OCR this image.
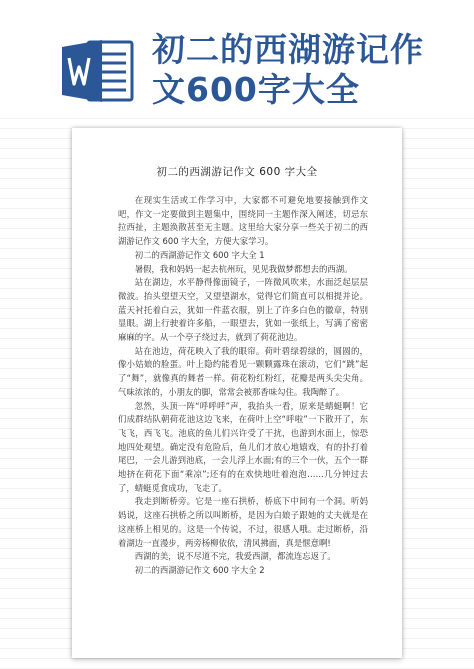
初二的西湖游记作
文600字大全
初二的西湖游记作文 600 字大全

在现实生活或工作学习中，大家都不可避免地要接触到作文吧，作文一定要做到主题集中，围绕同一主题作深入阐述，切忌东拉西扯，主题涣散甚至无主题。这里给大家分享一些关于初二的西湖游记作文 600 字大全，方便大家学习。

初二的西湖游记作文 600 字大全 1

暑假，我和妈妈一起去杭州玩，见见我做梦都想去的西湖。

站在湖边，水平静得像面镜子，一阵微风吹来，水面泛起层层微波。抬头望望天空，又望望湖水，觉得它们简直可以相提并论。蓝天衬托着白云，犹如一件蓝衣服，别上了许多白色的徽章，特别显眼。湖上行驶着许多船，一眼望去，犹如一张纸上，写满了密密麻麻的字。从一个亭子绕过去，就到了荷花池边。

站在池边，荷花映入了我的眼帘。荷叶碧绿碧绿的，圆圆的，像小姑娘的脸蛋。叶上隐约能看见一颗颗露珠在滚动，它们“跳”起了“舞”，就像真的舞者一样。荷花粉红粉红，花瓣是两头尖尖角。气味浓浓的，小朋友的脚，常常会被那香味勾住。我陶醉了。

忽然，头顶一阵“呼呼呼”声，我抬头一看，原来是蜻蜓啊！它们成群结队朝荷花池这边飞来，在荷叶上空“呼啦”一下散开了，东飞飞，西飞飞。池底的鱼儿们兴许受了干扰，也游到水面上，惊恐地四处观望。确定没有危险后，鱼儿们才放心地嬉戏，有的扑打着尾巴，一会儿游到池底，一会儿浮上水面;有的三个一伙，五个一群地挤在荷花下面“乘凉”;还有的在欢快地吐着泡泡……几分钟过去了，蜻蜓觅食成功，飞走了。

我走到断桥旁。它是一座石拱桥，桥底下中间有一个洞。听妈妈说，这座石拱桥之所以叫断桥，是因为白娘子跟她的丈夫就是在这座桥上相见的。这是一个传说，不过，很感人哦。走过断桥，沿着湖边一直漫步，两旁杨柳依依，清风拂面，真是惬意啊!

西湖的美，说不尽道不完，我爱西湖，都流连忘返了。

初二的西湖游记作文 600 字大全 2
